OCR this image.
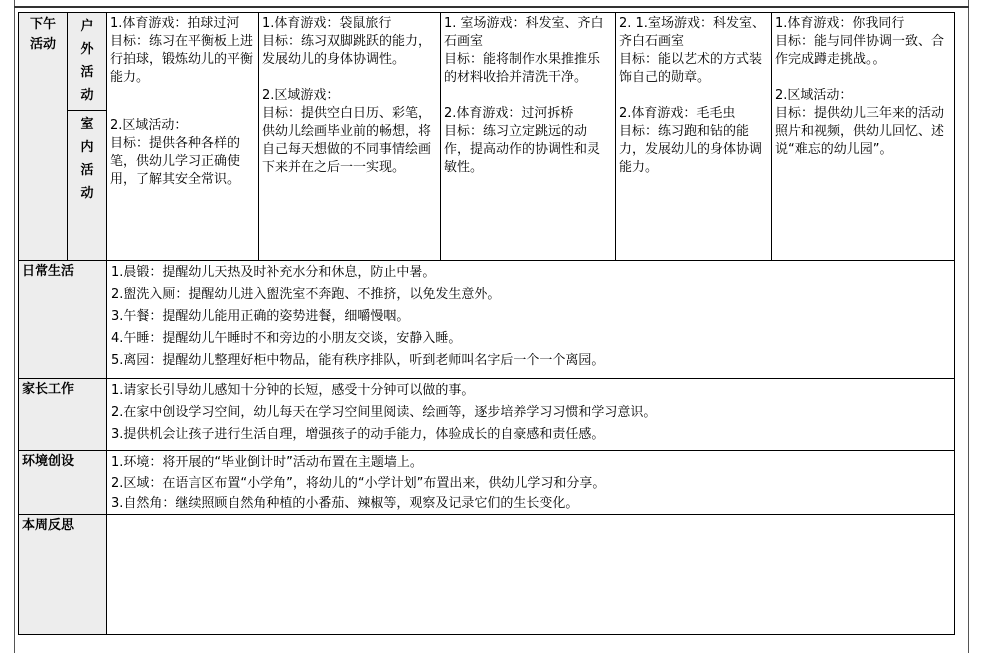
下午活动	户外活动	1.体育游戏：拍球过河
目标：练习在平衡板上进行拍球，锻炼幼儿的平衡能力。
2.区域活动：
目标：提供各种各样的笔，供幼儿学习正确使用，了解其安全常识。	1.体育游戏：袋鼠旅行
目标：练习双脚跳跃的能力，发展幼儿的身体协调性。
2.区域游戏：
目标：提供空白日历、彩笔，供幼儿绘画毕业前的畅想，将自己每天想做的不同事情绘画下来并在之后一一实现。	1. 室场游戏：科发室、齐白石画室
目标：能将制作水果推推乐的材料收拾并清洗干净。
2.体育游戏：过河拆桥
目标：练习立定跳远的动作，提高动作的协调性和灵敏性。	2. 1.室场游戏：科发室、齐白石画室
目标：能以艺术的方式装饰自己的勋章。
2.体育游戏：毛毛虫
目标：练习跑和钻的能力，发展幼儿的身体协调能力。	1.体育游戏：你我同行
目标：能与同伴协调一致、合作完成蹲走挑战。。
2.区域活动：
目标：提供幼儿三年来的活动照片和视频，供幼儿回忆、述说“难忘的幼儿园”。

	室内活动					

日常生活		1.晨锻：提醒幼儿天热及时补充水分和休息，防止中暑。
2.盥洗入厕：提醒幼儿进入盥洗室不奔跑、不推挤，以免发生意外。
3.午餐：提醒幼儿能用正确的姿势进餐，细嚼慢咽。
4.午睡：提醒幼儿午睡时不和旁边的小朋友交谈，安静入睡。
5.离园：提醒幼儿整理好柜中物品，能有秩序排队，听到老师叫名字后一个一个离园。				

家长工作		1.请家长引导幼儿感知十分钟的长短，感受十分钟可以做的事。
2.在家中创设学习空间，幼儿每天在学习空间里阅读、绘画等，逐步培养学习习惯和学习意识。
3.提供机会让孩子进行生活自理，增强孩子的动手能力，体验成长的自豪感和责任感。				

环境创设		1.环境：将开展的“毕业倒计时”活动布置在主题墙上。
2.区域：在语言区布置“小学角”，将幼儿的“小学计划”布置出来，供幼儿学习和分享。
3.自然角：继续照顾自然角种植的小番茄、辣椒等，观察及记录它们的生长变化。				

本周反思						
